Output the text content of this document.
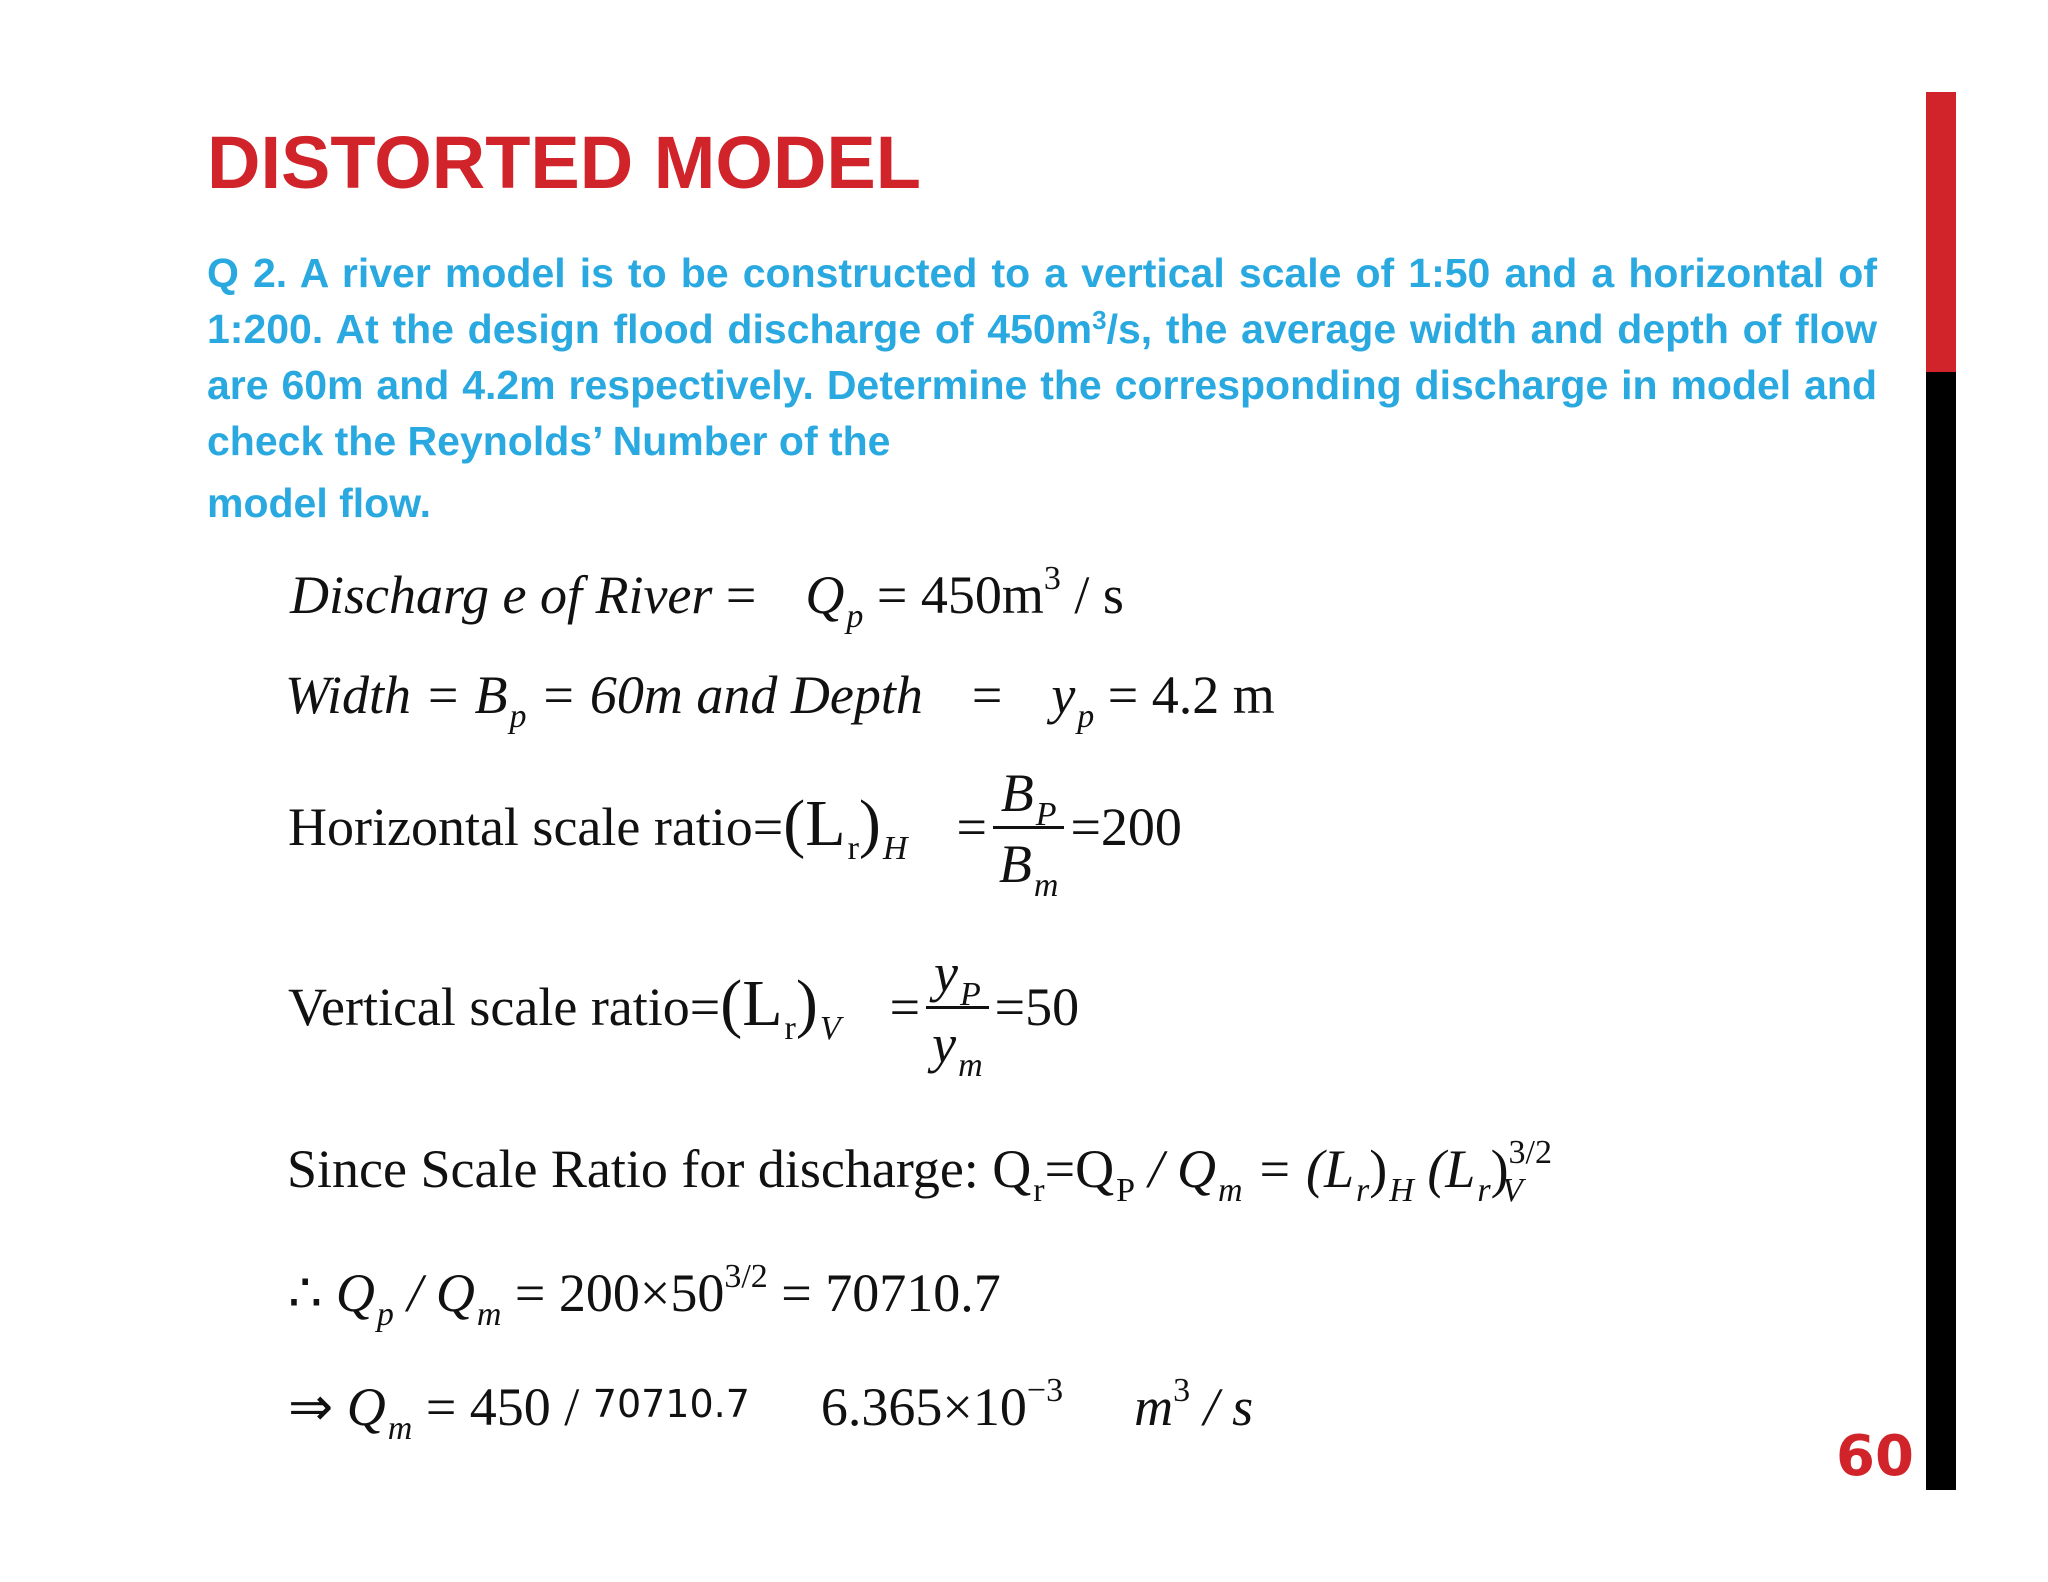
DISTORTED MODEL
Q 2. A river model is to be constructed to a vertical scale of 1:50 and a horizontal of 1:200. At the design flood discharge of $450m^3/s$, the average width and depth of flow are 60m and 4.2m respectively. Determine the corresponding discharge in model and check the Reynolds’ Number of the
model flow.
Discharg e of River = $Q_p = 450m^3 / s$
Width = $B_p = 60m$ and Depth = $y_p = 4.2$ m
Horizontal scale $ratio=(L_r)_H = \frac{B_P}{B_m} =200$
Vertical scale $ratio=(L_r)_V = \frac{y_P}{y_m} =50$
Since Scale Ratio for discharge: $Q_r=Q_P / Q_m = (L_r)_H$ $(L_r)^{3/2}_V$
∴ $Q_p / Q_m = 200\times 50^{3/2} = 70710.7$
⇒ $Q_m = 450 / 70710.7$ $6.365\times 10^{-3}$ $m^3$ / s
60
